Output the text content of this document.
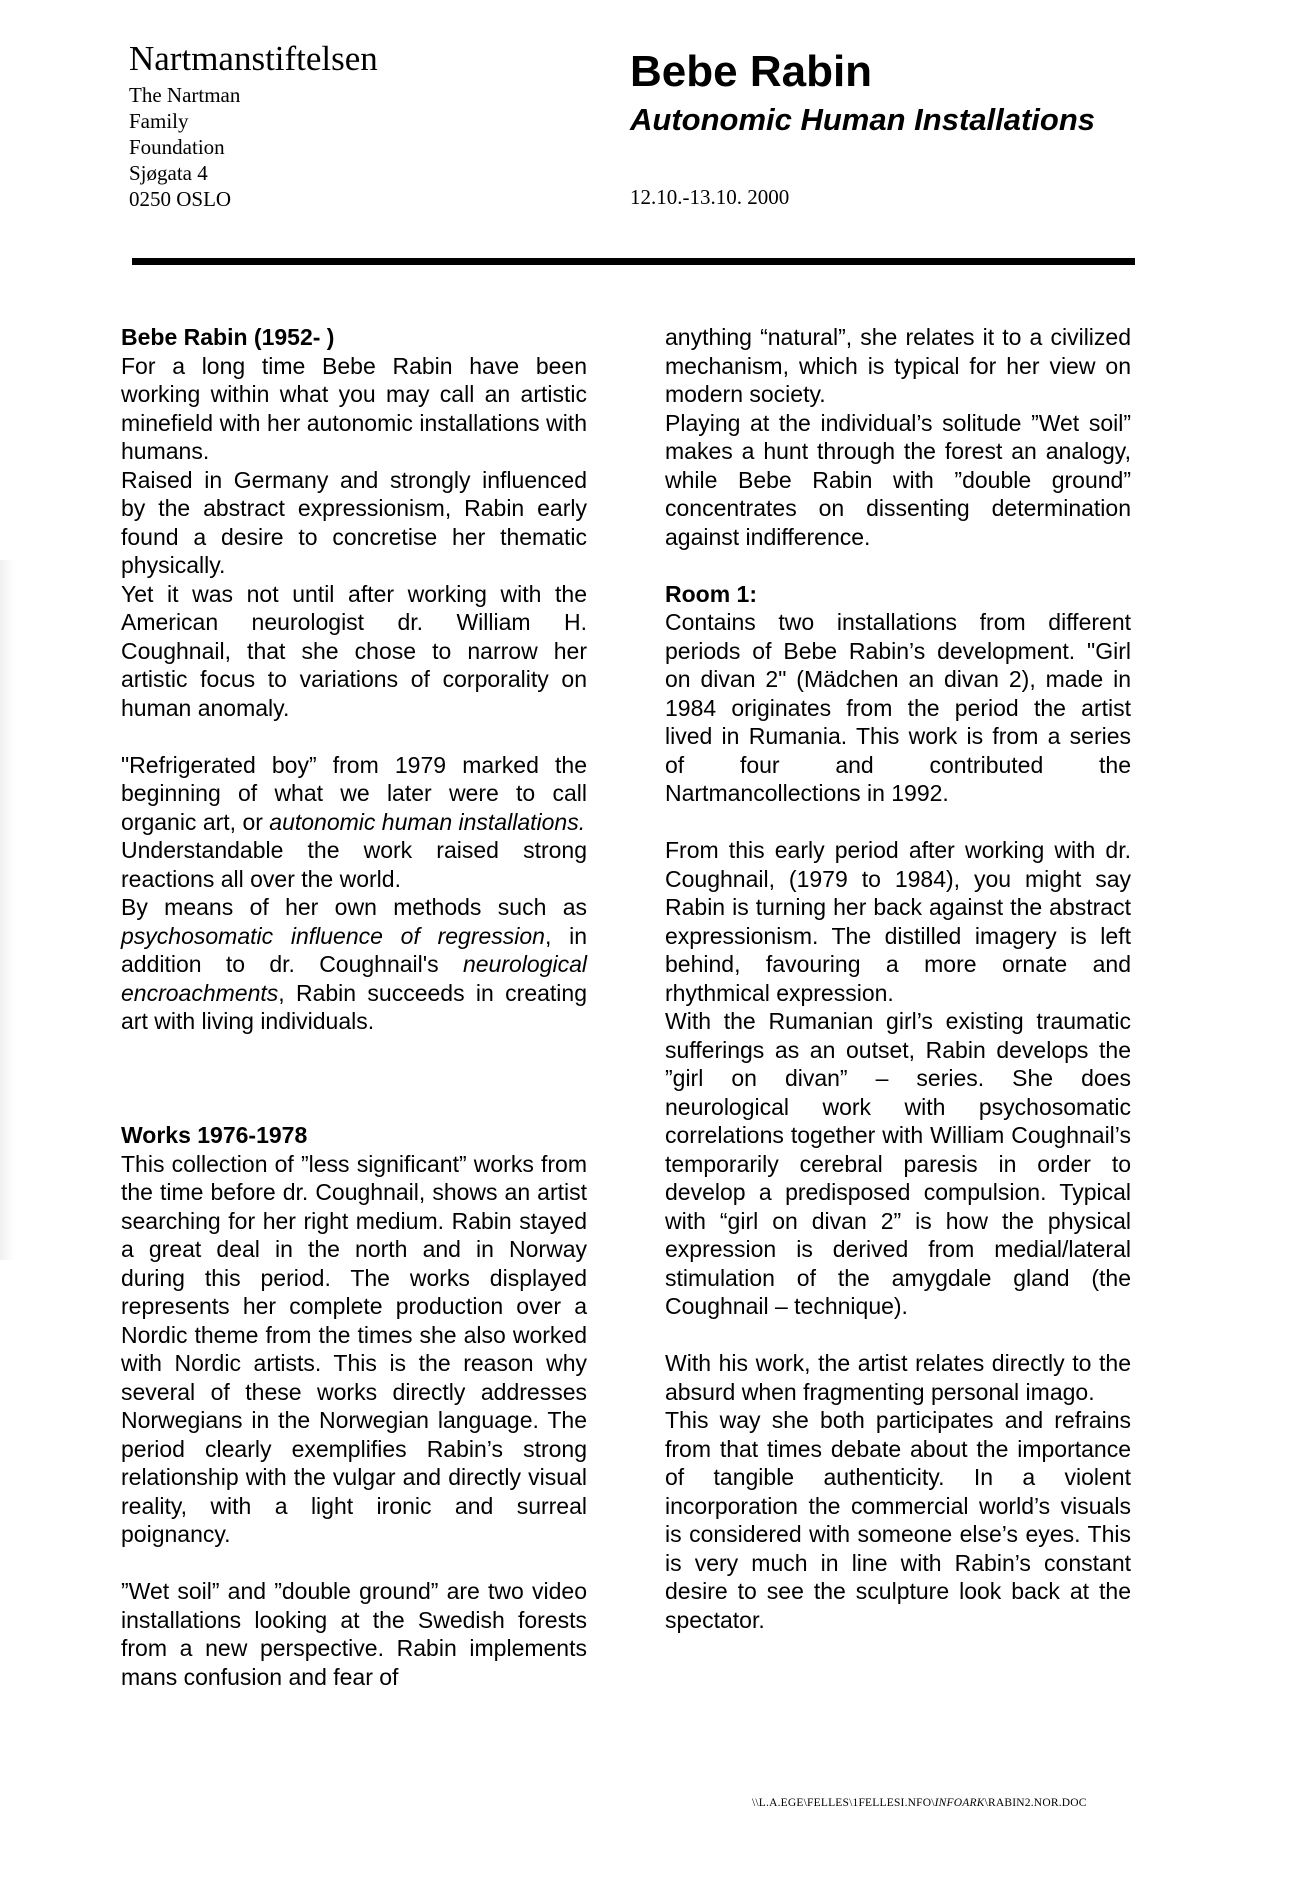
Nartmanstiftelsen

The Nartman

Family

Foundation

Sjøgata 4

0250 OSLO

Bebe Rabin

Autonomic Human Installations

12.10.-13.10. 2000
Bebe Rabin (1952- )

For a long time Bebe Rabin have been working within what you may call an artistic minefield with her autonomic installations with humans.

Raised in Germany and strongly influenced by the abstract expressionism, Rabin early found a desire to concretise her thematic physically.

Yet it was not until after working with the American neurologist dr. William H. Coughnail, that she chose to narrow her artistic focus to variations of corporality on human anomaly.

"Refrigerated boy” from 1979 marked the beginning of what we later were to call organic art, or autonomic human installations.

Understandable the work raised strong reactions all over the world.

By means of her own methods such as psychosomatic influence of regression, in addition to dr. Coughnail's neurological encroachments, Rabin succeeds in creating art with living individuals.

Works 1976-1978

This collection of ”less significant” works from the time before dr. Coughnail, shows an artist searching for her right medium. Rabin stayed a great deal in the north and in Norway during this period. The works displayed represents her complete production over a Nordic theme from the times she also worked with Nordic artists. This is the reason why several of these works directly addresses Norwegians in the Norwegian language. The period clearly exemplifies Rabin’s strong relationship with the vulgar and directly visual reality, with a light ironic and surreal poignancy.

”Wet soil” and ”double ground” are two video installations looking at the Swedish forests from a new perspective. Rabin implements mans confusion and fear of

anything “natural”, she relates it to a civilized mechanism, which is typical for her view on modern society.

Playing at the individual’s solitude ”Wet soil” makes a hunt through the forest an analogy, while Bebe Rabin with ”double ground” concentrates on dissenting determination against indifference.

Room 1:

Contains two installations from different periods of Bebe Rabin’s development. "Girl on divan 2" (Mädchen an divan 2), made in 1984 originates from the period the artist lived in Rumania. This work is from a series of four and contributed the Nartmancollections in 1992.

From this early period after working with dr. Coughnail, (1979 to 1984), you might say Rabin is turning her back against the abstract expressionism. The distilled imagery is left behind, favouring a more ornate and rhythmical expression.

With the Rumanian girl’s existing traumatic sufferings as an outset, Rabin develops the ”girl on divan” – series. She does neurological work with psychosomatic correlations together with William Coughnail’s temporarily cerebral paresis in order to develop a predisposed compulsion. Typical with “girl on divan 2” is how the physical expression is derived from medial/lateral stimulation of the amygdale gland (the Coughnail – technique).

With his work, the artist relates directly to the absurd when fragmenting personal imago.

This way she both participates and refrains from that times debate about the importance of tangible authenticity. In a violent incorporation the commercial world’s visuals is considered with someone else’s eyes. This is very much in line with Rabin’s constant desire to see the sculpture look back at the spectator.

\\L.A.EGE\FELLES\1FELLESI.NFO\INFOARK\RABIN2.NOR.DOC
